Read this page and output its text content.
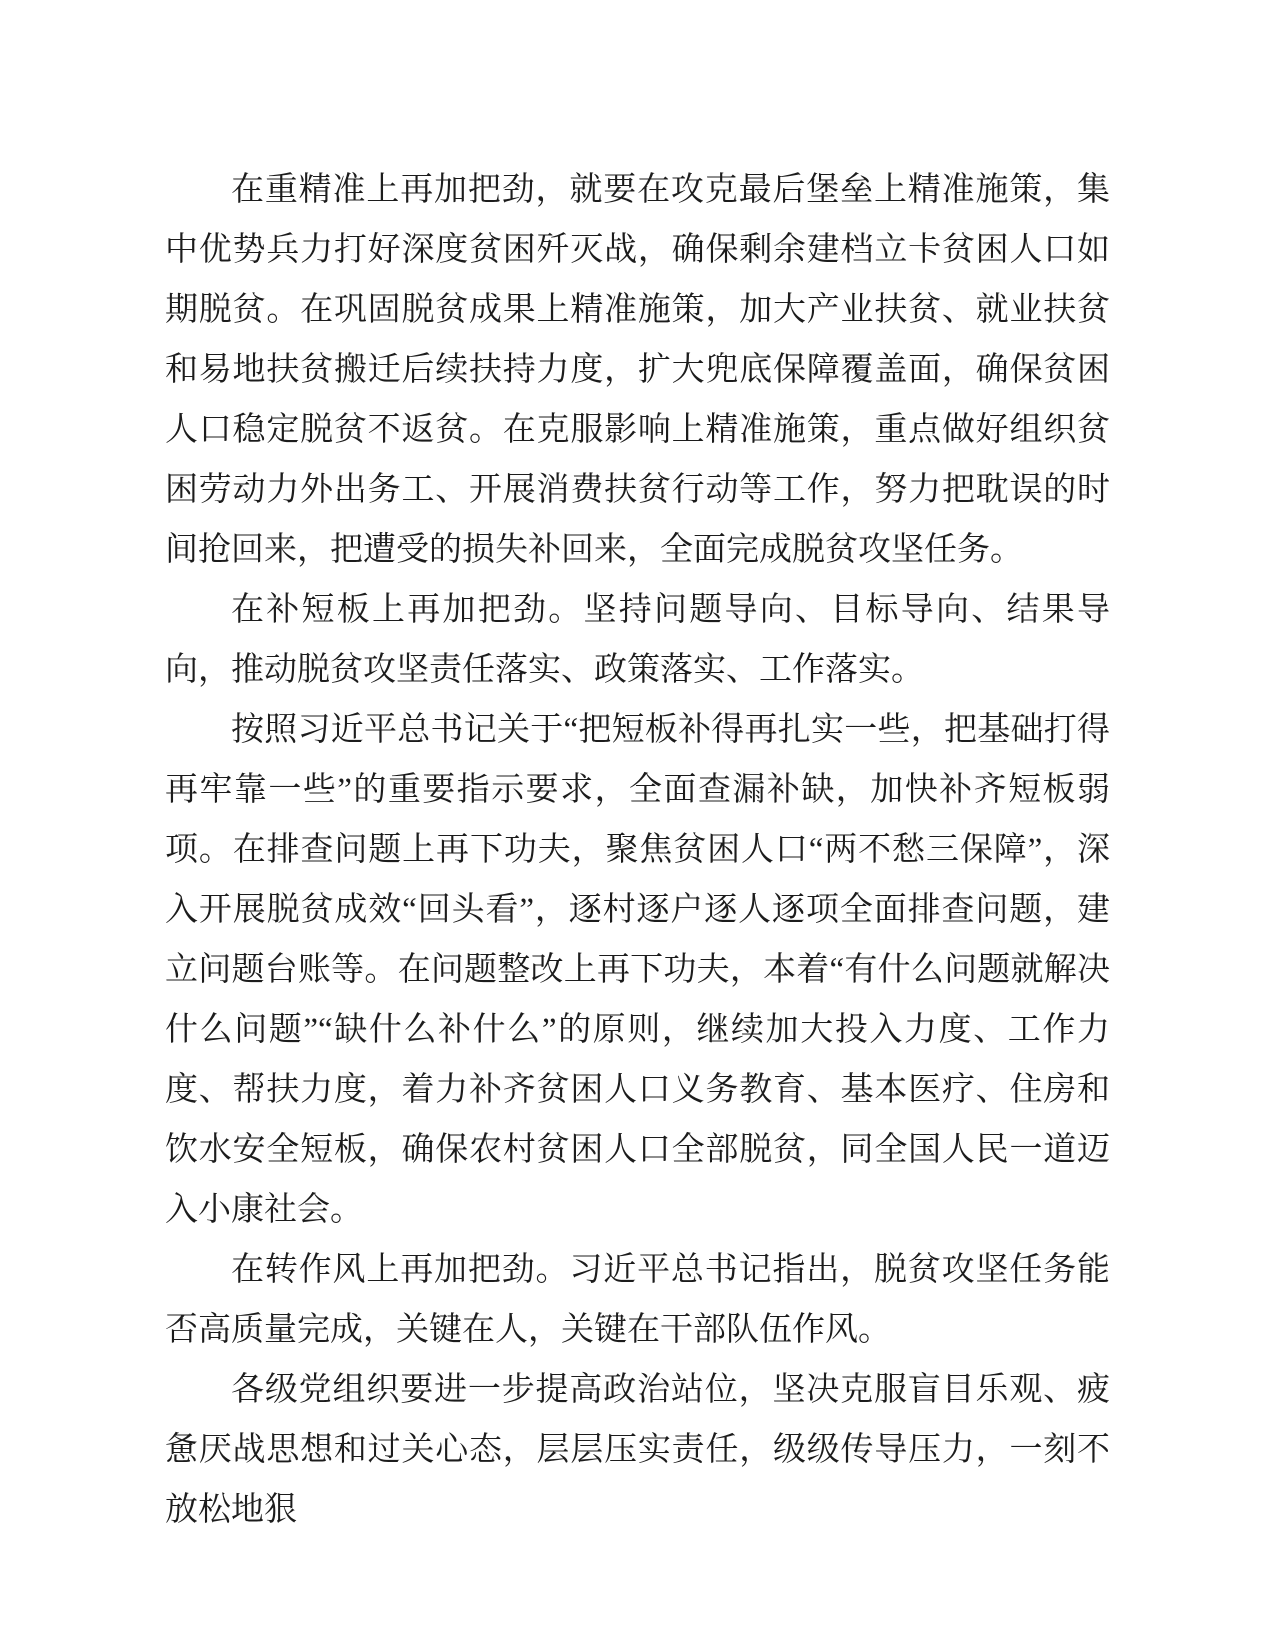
在重精准上再加把劲，就要在攻克最后堡垒上精准施策，集中优势兵力打好深度贫困歼灭战，确保剩余建档立卡贫困人口如期脱贫。在巩固脱贫成果上精准施策，加大产业扶贫、就业扶贫和易地扶贫搬迁后续扶持力度，扩大兜底保障覆盖面，确保贫困人口稳定脱贫不返贫。在克服影响上精准施策，重点做好组织贫困劳动力外出务工、开展消费扶贫行动等工作，努力把耽误的时间抢回来，把遭受的损失补回来，全面完成脱贫攻坚任务。

在补短板上再加把劲。坚持问题导向、目标导向、结果导向，推动脱贫攻坚责任落实、政策落实、工作落实。

按照习近平总书记关于“把短板补得再扎实一些，把基础打得再牢靠一些”的重要指示要求，全面查漏补缺，加快补齐短板弱项。在排查问题上再下功夫，聚焦贫困人口“两不愁三保障”，深入开展脱贫成效“回头看”，逐村逐户逐人逐项全面排查问题，建立问题台账等。在问题整改上再下功夫，本着“有什么问题就解决什么问题”“缺什么补什么”的原则，继续加大投入力度、工作力度、帮扶力度，着力补齐贫困人口义务教育、基本医疗、住房和饮水安全短板，确保农村贫困人口全部脱贫，同全国人民一道迈入小康社会。

在转作风上再加把劲。习近平总书记指出，脱贫攻坚任务能否高质量完成，关键在人，关键在干部队伍作风。

各级党组织要进一步提高政治站位，坚决克服盲目乐观、疲惫厌战思想和过关心态，层层压实责任，级级传导压力，一刻不放松地狠
